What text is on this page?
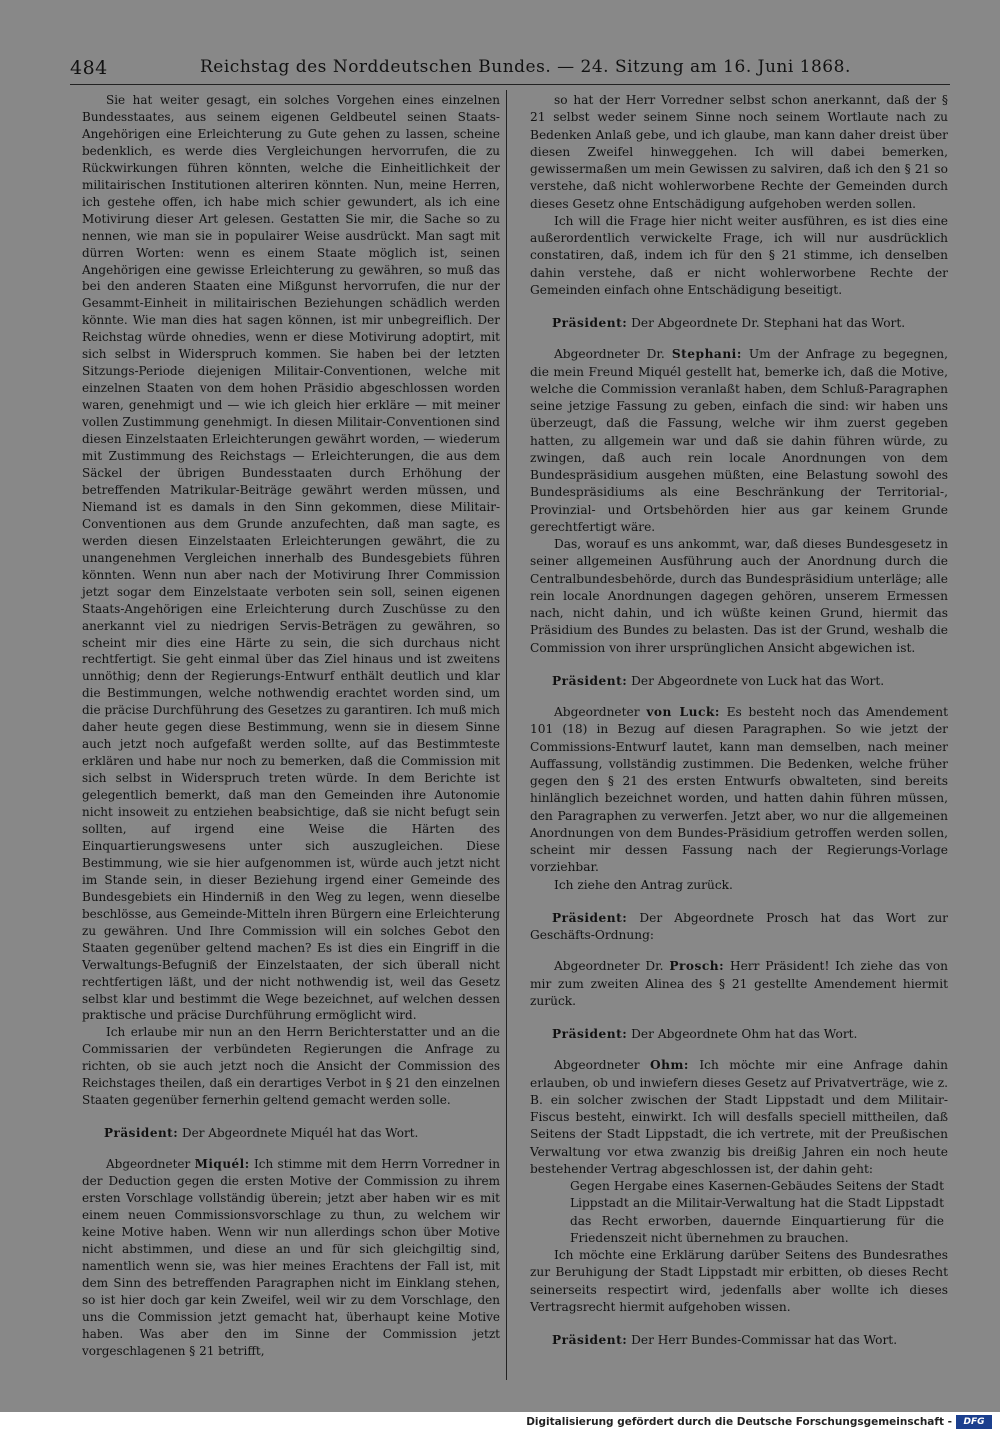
484	Reichstag des Norddeutschen Bundes. — 24. Sitzung am 16. Juni 1868.

Sie hat weiter gesagt, ein solches Vorgehen eines einzelnen Bundesstaates, aus seinem eigenen Geldbeutel seinen Staats-Angehörigen eine Erleichterung zu Gute gehen zu lassen, scheine bedenklich, es werde dies Vergleichungen hervorrufen, die zu Rückwirkungen führen könnten, welche die Einheitlichkeit der militairischen Institutionen alteriren könnten. Nun, meine Herren, ich gestehe offen, ich habe mich schier gewundert, als ich eine Motivirung dieser Art gelesen. Gestatten Sie mir, die Sache so zu nennen, wie man sie in populairer Weise ausdrückt. Man sagt mit dürren Worten: wenn es einem Staate möglich ist, seinen Angehörigen eine gewisse Erleichterung zu gewähren, so muß das bei den anderen Staaten eine Mißgunst hervorrufen, die nur der Gesammt-Einheit in militairischen Beziehungen schädlich werden könnte. Wie man dies hat sagen können, ist mir unbegreiflich. Der Reichstag würde ohnedies, wenn er diese Motivirung adoptirt, mit sich selbst in Widerspruch kommen. Sie haben bei der letzten Sitzungs-Periode diejenigen Militair-Conventionen, welche mit einzelnen Staaten von dem hohen Präsidio abgeschlossen worden waren, genehmigt und — wie ich gleich hier erkläre — mit meiner vollen Zustimmung genehmigt. In diesen Militair-Conventionen sind diesen Einzelstaaten Erleichterungen gewährt worden, — wiederum mit Zustimmung des Reichstags — Erleichterungen, die aus dem Säckel der übrigen Bundesstaaten durch Erhöhung der betreffenden Matrikular-Beiträge gewährt werden müssen, und Niemand ist es damals in den Sinn gekommen, diese Militair-Conventionen aus dem Grunde anzufechten, daß man sagte, es werden diesen Einzelstaaten Erleichterungen gewährt, die zu unangenehmen Vergleichen innerhalb des Bundesgebiets führen könnten. Wenn nun aber nach der Motivirung Ihrer Commission jetzt sogar dem Einzelstaate verboten sein soll, seinen eigenen Staats-Angehörigen eine Erleichterung durch Zuschüsse zu den anerkannt viel zu niedrigen Servis-Beträgen zu gewähren, so scheint mir dies eine Härte zu sein, die sich durchaus nicht rechtfertigt. Sie geht einmal über das Ziel hinaus und ist zweitens unnöthig; denn der Regierungs-Entwurf enthält deutlich und klar die Bestimmungen, welche nothwendig erachtet worden sind, um die präcise Durchführung des Gesetzes zu garantiren. Ich muß mich daher heute gegen diese Bestimmung, wenn sie in diesem Sinne auch jetzt noch aufgefaßt werden sollte, auf das Bestimmteste erklären und habe nur noch zu bemerken, daß die Commission mit sich selbst in Widerspruch treten würde. In dem Berichte ist gelegentlich bemerkt, daß man den Gemeinden ihre Autonomie nicht insoweit zu entziehen beabsichtige, daß sie nicht befugt sein sollten, auf irgend eine Weise die Härten des Einquartierungswesens unter sich auszugleichen. Diese Bestimmung, wie sie hier aufgenommen ist, würde auch jetzt nicht im Stande sein, in dieser Beziehung irgend einer Gemeinde des Bundesgebiets ein Hinderniß in den Weg zu legen, wenn dieselbe beschlösse, aus Gemeinde-Mitteln ihren Bürgern eine Erleichterung zu gewähren. Und Ihre Commission will ein solches Gebot den Staaten gegenüber geltend machen? Es ist dies ein Eingriff in die Verwaltungs-Befugniß der Einzelstaaten, der sich überall nicht rechtfertigen läßt, und der nicht nothwendig ist, weil das Gesetz selbst klar und bestimmt die Wege bezeichnet, auf welchen dessen praktische und präcise Durchführung ermöglicht wird.

Ich erlaube mir nun an den Herrn Berichterstatter und an die Commissarien der verbündeten Regierungen die Anfrage zu richten, ob sie auch jetzt noch die Ansicht der Commission des Reichstages theilen, daß ein derartiges Verbot in § 21 den einzelnen Staaten gegenüber fernerhin geltend gemacht werden solle.

Präsident: Der Abgeordnete Miquél hat das Wort.

Abgeordneter Miquél: Ich stimme mit dem Herrn Vorredner in der Deduction gegen die ersten Motive der Commission zu ihrem ersten Vorschlage vollständig überein; jetzt aber haben wir es mit einem neuen Commissionsvorschlage zu thun, zu welchem wir keine Motive haben. Wenn wir nun allerdings schon über Motive nicht abstimmen, und diese an und für sich gleichgiltig sind, namentlich wenn sie, was hier meines Erachtens der Fall ist, mit dem Sinn des betreffenden Paragraphen nicht im Einklang stehen, so ist hier doch gar kein Zweifel, weil wir zu dem Vorschlage, den uns die Commission jetzt gemacht hat, überhaupt keine Motive haben. Was aber den im Sinne der Commission jetzt vorgeschlagenen § 21 betrifft,

so hat der Herr Vorredner selbst schon anerkannt, daß der § 21 selbst weder seinem Sinne noch seinem Wortlaute nach zu Bedenken Anlaß gebe, und ich glaube, man kann daher dreist über diesen Zweifel hinweggehen. Ich will dabei bemerken, gewissermaßen um mein Gewissen zu salviren, daß ich den § 21 so verstehe, daß nicht wohlerworbene Rechte der Gemeinden durch dieses Gesetz ohne Entschädigung aufgehoben werden sollen.

Ich will die Frage hier nicht weiter ausführen, es ist dies eine außerordentlich verwickelte Frage, ich will nur ausdrücklich constatiren, daß, indem ich für den § 21 stimme, ich denselben dahin verstehe, daß er nicht wohlerworbene Rechte der Gemeinden einfach ohne Entschädigung beseitigt.

Präsident: Der Abgeordnete Dr. Stephani hat das Wort.

Abgeordneter Dr. Stephani: Um der Anfrage zu begegnen, die mein Freund Miquél gestellt hat, bemerke ich, daß die Motive, welche die Commission veranlaßt haben, dem Schluß-Paragraphen seine jetzige Fassung zu geben, einfach die sind: wir haben uns überzeugt, daß die Fassung, welche wir ihm zuerst gegeben hatten, zu allgemein war und daß sie dahin führen würde, zu zwingen, daß auch rein locale Anordnungen von dem Bundespräsidium ausgehen müßten, eine Belastung sowohl des Bundespräsidiums als eine Beschränkung der Territorial-, Provinzial- und Ortsbehörden hier aus gar keinem Grunde gerechtfertigt wäre.

Das, worauf es uns ankommt, war, daß dieses Bundesgesetz in seiner allgemeinen Ausführung auch der Anordnung durch die Centralbundesbehörde, durch das Bundespräsidium unterläge; alle rein locale Anordnungen dagegen gehören, unserem Ermessen nach, nicht dahin, und ich wüßte keinen Grund, hiermit das Präsidium des Bundes zu belasten. Das ist der Grund, weshalb die Commission von ihrer ursprünglichen Ansicht abgewichen ist.

Präsident: Der Abgeordnete von Luck hat das Wort.

Abgeordneter von Luck: Es besteht noch das Amendement 101 (18) in Bezug auf diesen Paragraphen. So wie jetzt der Commissions-Entwurf lautet, kann man demselben, nach meiner Auffassung, vollständig zustimmen. Die Bedenken, welche früher gegen den § 21 des ersten Entwurfs obwalteten, sind bereits hinlänglich bezeichnet worden, und hatten dahin führen müssen, den Paragraphen zu verwerfen. Jetzt aber, wo nur die allgemeinen Anordnungen von dem Bundes-Präsidium getroffen werden sollen, scheint mir dessen Fassung nach der Regierungs-Vorlage vorziehbar.

Ich ziehe den Antrag zurück.

Präsident: Der Abgeordnete Prosch hat das Wort zur Geschäfts-Ordnung:

Abgeordneter Dr. Prosch: Herr Präsident! Ich ziehe das von mir zum zweiten Alinea des § 21 gestellte Amendement hiermit zurück.

Präsident: Der Abgeordnete Ohm hat das Wort.

Abgeordneter Ohm: Ich möchte mir eine Anfrage dahin erlauben, ob und inwiefern dieses Gesetz auf Privatverträge, wie z. B. ein solcher zwischen der Stadt Lippstadt und dem Militair-Fiscus besteht, einwirkt. Ich will desfalls speciell mittheilen, daß Seitens der Stadt Lippstadt, die ich vertrete, mit der Preußischen Verwaltung vor etwa zwanzig bis dreißig Jahren ein noch heute bestehender Vertrag abgeschlossen ist, der dahin geht:

Gegen Hergabe eines Kasernen-Gebäudes Seitens der Stadt Lippstadt an die Militair-Verwaltung hat die Stadt Lippstadt das Recht erworben, dauernde Einquartierung für die Friedenszeit nicht übernehmen zu brauchen.

Ich möchte eine Erklärung darüber Seitens des Bundesrathes zur Beruhigung der Stadt Lippstadt mir erbitten, ob dieses Recht seinerseits respectirt wird, jedenfalls aber wollte ich dieses Vertragsrecht hiermit aufgehoben wissen.

Präsident: Der Herr Bundes-Commissar hat das Wort.

Digitalisierung gefördert durch die Deutsche Forschungsgemeinschaft -	DFG
